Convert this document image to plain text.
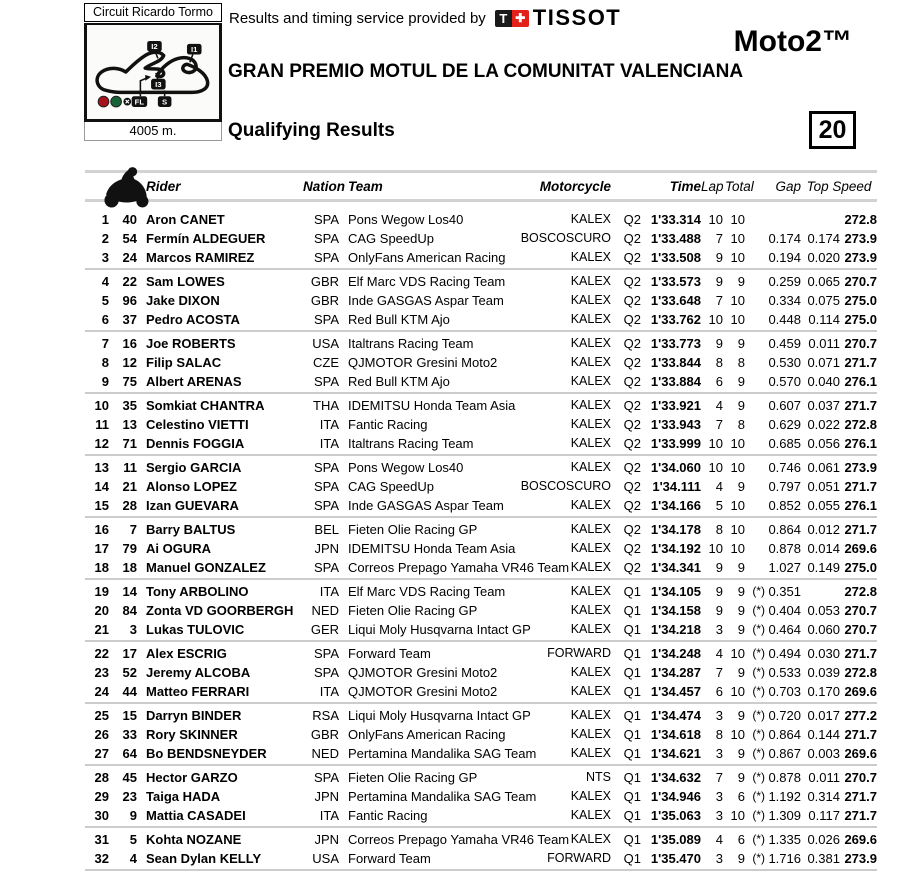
Circuit Ricardo Tormo
I2	I1
I3
FL S
4005 m.
Results and timing service provided by	T ✚ TISSOT
Moto2™
GRAN PREMIO MOTUL DE LA COMUNITAT VALENCIANA
Qualifying Results	20
Rider	Nation Team	Motorcycle	Time Lap Total	Gap Top Speed
1	40 Aron CANET	SPA Pons Wegow Los40	KALEX Q2 1'33.314 10 10	272.8
2	54 Fermín ALDEGUER	SPA CAG SpeedUp	BOSCOSCURO Q2 1'33.488	7 10 0.174 0.174 273.9
3	24 Marcos RAMIREZ	SPA OnlyFans American Racing	KALEX Q2 1'33.508	9 10 0.194 0.020 273.9
4	22 Sam LOWES	GBR Elf Marc VDS Racing Team	KALEX Q2 1'33.573	9	9 0.259 0.065 270.7
5	96 Jake DIXON	GBR Inde GASGAS Aspar Team	KALEX Q2 1'33.648	7 10 0.334 0.075 275.0
6	37 Pedro ACOSTA	SPA Red Bull KTM Ajo	KALEX Q2 1'33.762 10 10 0.448 0.114 275.0
7	16 Joe ROBERTS	USA Italtrans Racing Team	KALEX Q2 1'33.773	9	9 0.459 0.011 270.7
8	12 Filip SALAC	CZE QJMOTOR Gresini Moto2	KALEX Q2 1'33.844	8	8 0.530 0.071 271.7
9	75 Albert ARENAS	SPA Red Bull KTM Ajo	KALEX Q2 1'33.884	6	9 0.570 0.040 276.1
10	35 Somkiat CHANTRA	THA IDEMITSU Honda Team Asia	KALEX Q2 1'33.921	4	9 0.607 0.037 271.7
11	13 Celestino VIETTI	ITA Fantic Racing	KALEX Q2 1'33.943	7	8 0.629 0.022 272.8
12	71 Dennis FOGGIA	ITA Italtrans Racing Team	KALEX Q2 1'33.999 10 10 0.685 0.056 276.1
13	11 Sergio GARCIA	SPA Pons Wegow Los40	KALEX Q2 1'34.060 10 10 0.746 0.061 273.9
14	21 Alonso LOPEZ	SPA CAG SpeedUp	BOSCOSCURO Q2 1'34.111	4	9 0.797 0.051 271.7
15	28 Izan GUEVARA	SPA Inde GASGAS Aspar Team	KALEX Q2 1'34.166	5 10 0.852 0.055 276.1
16	7 Barry BALTUS	BEL Fieten Olie Racing GP	KALEX Q2 1'34.178	8 10 0.864 0.012 271.7
17	79 Ai OGURA	JPN IDEMITSU Honda Team Asia	KALEX Q2 1'34.192 10 10 0.878 0.014 269.6
18	18 Manuel GONZALEZ	SPA Correos Prepago Yamaha VR46 Team KALEX Q2 1'34.341	9	9 1.027 0.149 275.0
19	14 Tony ARBOLINO	ITA Elf Marc VDS Racing Team	KALEX Q1 1'34.105	9	9 (*) 0.351	272.8
20	84 Zonta VD GOORBERGH	NED Fieten Olie Racing GP	KALEX Q1 1'34.158	9	9 (*) 0.404 0.053 270.7
21	3 Lukas TULOVIC	GER Liqui Moly Husqvarna Intact GP	KALEX Q1 1'34.218	3	9 (*) 0.464 0.060 270.7
22	17 Alex ESCRIG	SPA Forward Team	FORWARD Q1 1'34.248	4 10 (*) 0.494 0.030 271.7
23	52 Jeremy ALCOBA	SPA QJMOTOR Gresini Moto2	KALEX Q1 1'34.287	7	9 (*) 0.533 0.039 272.8
24	44 Matteo FERRARI	ITA QJMOTOR Gresini Moto2	KALEX Q1 1'34.457	6 10 (*) 0.703 0.170 269.6
25	15 Darryn BINDER	RSA Liqui Moly Husqvarna Intact GP	KALEX Q1 1'34.474	3	9 (*) 0.720 0.017 277.2
26	33 Rory SKINNER	GBR OnlyFans American Racing	KALEX Q1 1'34.618	8 10 (*) 0.864 0.144 271.7
27	64 Bo BENDSNEYDER	NED Pertamina Mandalika SAG Team	KALEX Q1 1'34.621	3	9 (*) 0.867 0.003 269.6
28	45 Hector GARZO	SPA Fieten Olie Racing GP	NTS Q1 1'34.632	7	9 (*) 0.878 0.011 270.7
29	23 Taiga HADA	JPN Pertamina Mandalika SAG Team	KALEX Q1 1'34.946	3	6 (*) 1.192 0.314 271.7
30	9 Mattia CASADEI	ITA Fantic Racing	KALEX Q1 1'35.063	3 10 (*) 1.309 0.117 271.7
31	5 Kohta NOZANE	JPN Correos Prepago Yamaha VR46 Team KALEX Q1 1'35.089	4	6 (*) 1.335 0.026 269.6
32	4 Sean Dylan KELLY	USA Forward Team	FORWARD Q1 1'35.470	3	9 (*) 1.716 0.381 273.9
